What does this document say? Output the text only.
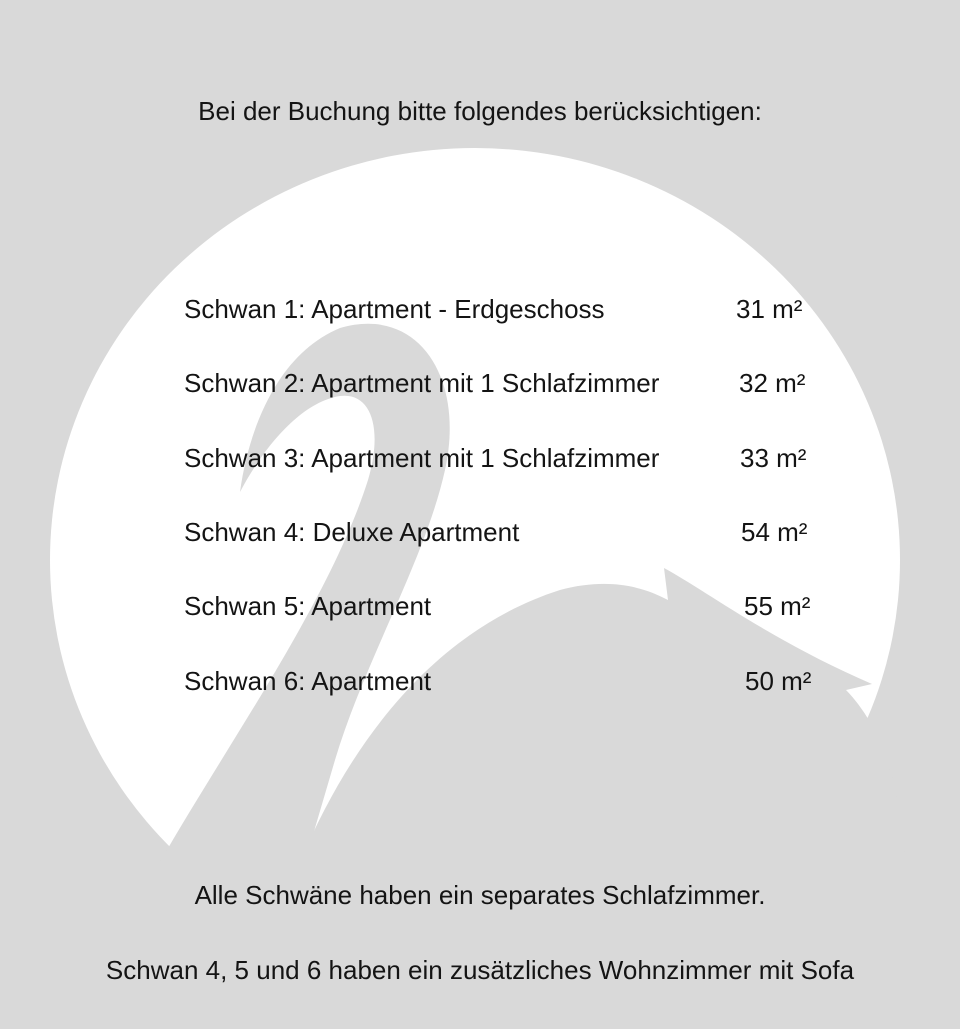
Bei der Buchung bitte folgendes berücksichtigen:
Schwan 1: Apartment - Erdgeschoss	31 m²
Schwan 2: Apartment mit 1 Schlafzimmer	32 m²
Schwan 3: Apartment mit 1 Schlafzimmer	33 m²
Schwan 4: Deluxe Apartment	54 m²
Schwan 5: Apartment	55 m²
Schwan 6: Apartment	50 m²
Alle Schwäne haben ein separates Schlafzimmer.
Schwan 4, 5 und 6 haben ein zusätzliches Wohnzimmer mit Sofa
